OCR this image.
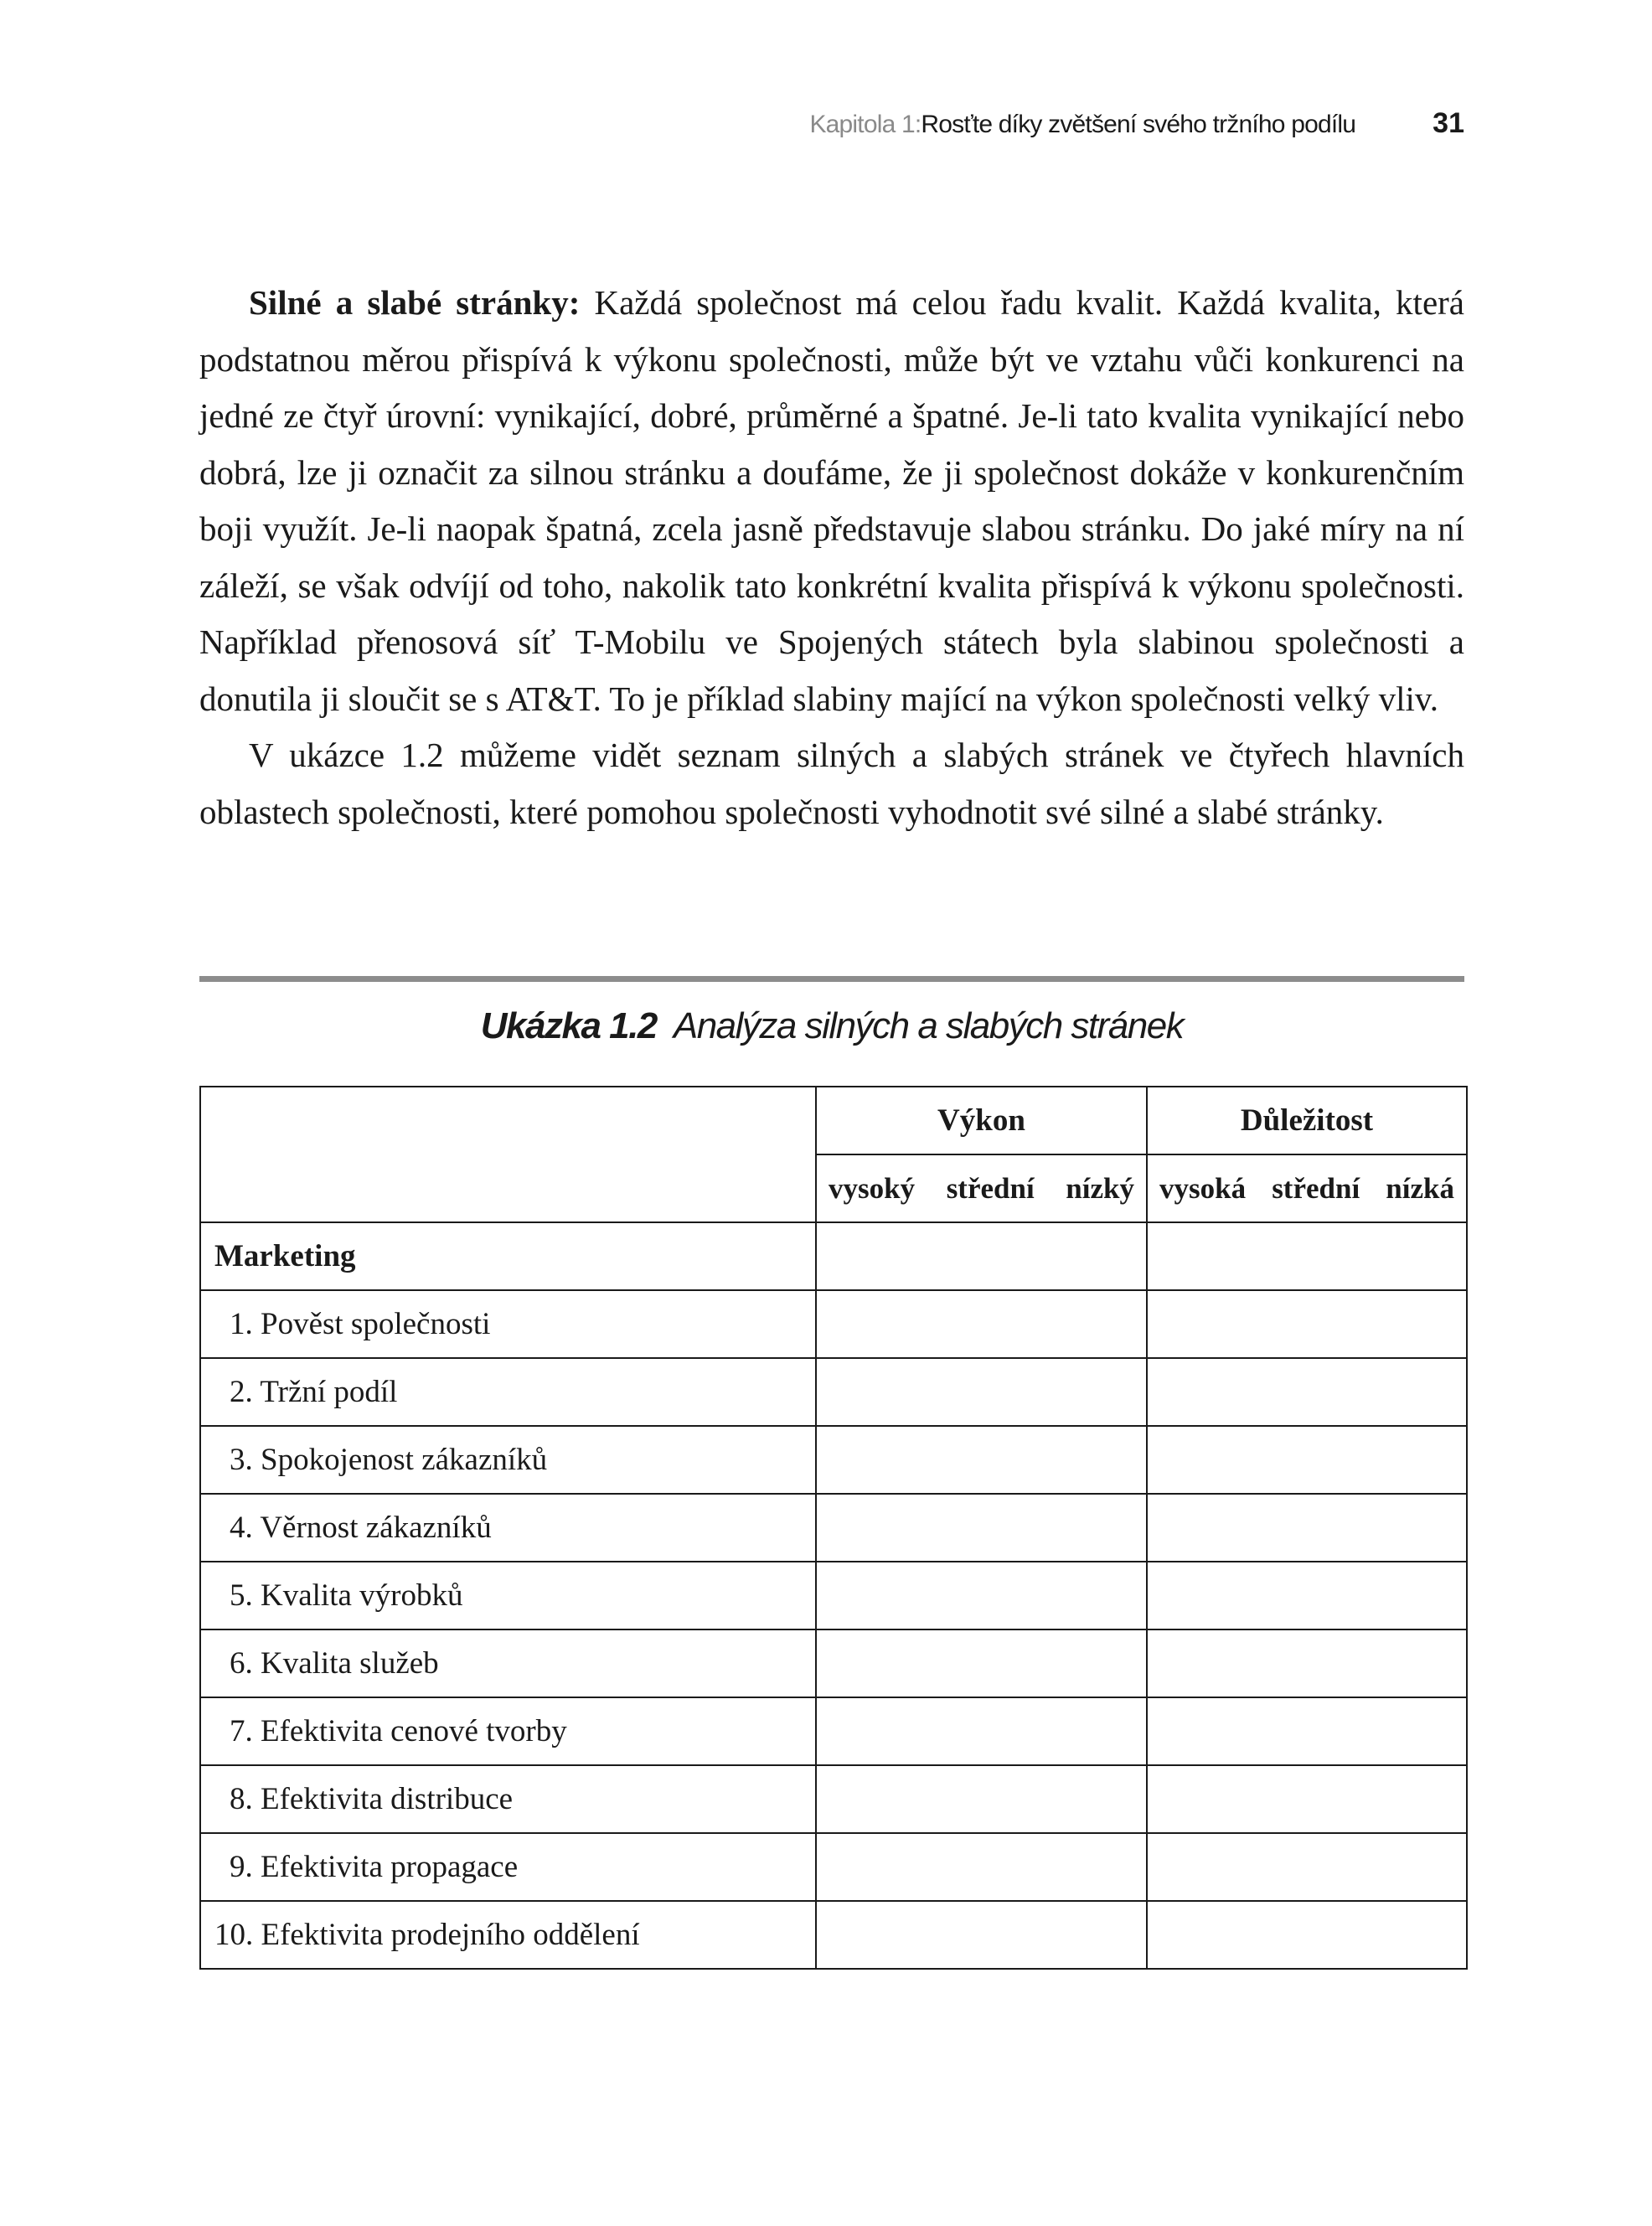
Kapitola 1: Rosťte díky zvětšení svého tržního podílu	31

Silné a slabé stránky: Každá společnost má celou řadu kvalit. Každá kvalita, která podstatnou měrou přispívá k výkonu společnosti, může být ve vztahu vůči konkurenci na jedné ze čtyř úrovní: vynikající, dobré, průměrné a špatné. Je-li tato kvalita vynikající nebo dobrá, lze ji označit za silnou stránku a doufáme, že ji společnost dokáže v konkurenčním boji využít. Je-li naopak špatná, zcela jasně představuje slabou stránku. Do jaké míry na ní záleží, se však odvíjí od toho, nakolik tato konkrétní kvalita přispívá k výkonu společnosti. Například přenosová síť T-Mobilu ve Spojených státech byla slabinou společnosti a donutila ji sloučit se s AT&T. To je příklad slabiny mající na výkon společnosti velký vliv.

V ukázce 1.2 můžeme vidět seznam silných a slabých stránek ve čtyřech hlavních oblastech společnosti, které pomohou společnosti vyhodnotit své silné a slabé stránky.

Ukázka 1.2 Analýza silných a slabých stránek
	Výkon	Důležitost

	vysoký střední nízký	vysoká střední nízká

Marketing		
1. Pověst společnosti		
2. Tržní podíl		
3. Spokojenost zákazníků		
4. Věrnost zákazníků		
5. Kvalita výrobků		
6. Kvalita služeb		
7. Efektivita cenové tvorby		
8. Efektivita distribuce		
9. Efektivita propagace		
10. Efektivita prodejního oddělení		
